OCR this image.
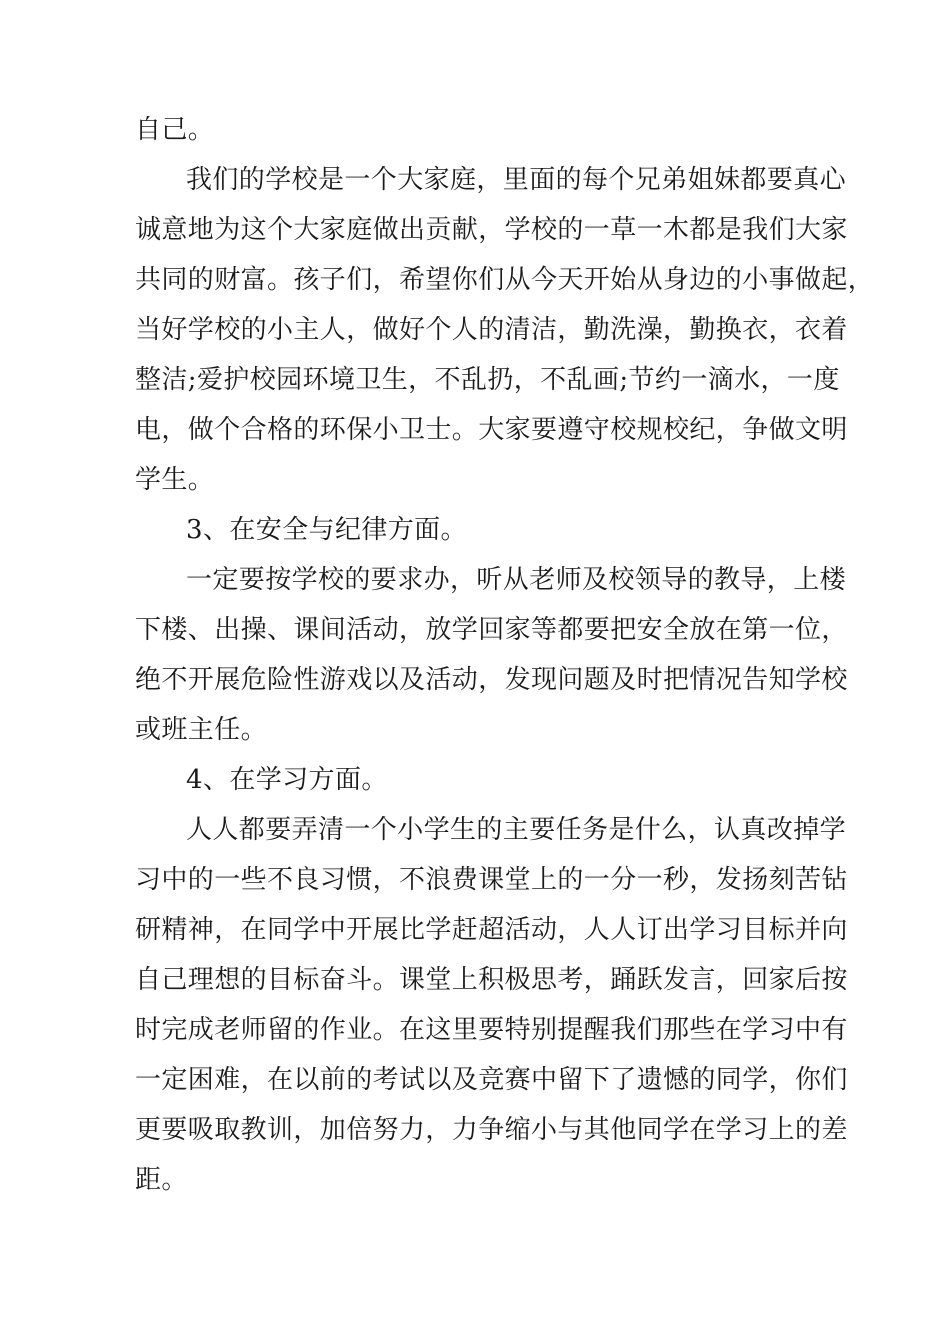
自己。

我们的学校是一个大家庭，里面的每个兄弟姐妹都要真心

诚意地为这个大家庭做出贡献，学校的一草一木都是我们大家

共同的财富。孩子们，希望你们从今天开始从身边的小事做起，

当好学校的小主人，做好个人的清洁，勤洗澡，勤换衣，衣着

整洁;爱护校园环境卫生，不乱扔，不乱画;节约一滴水，一度

电，做个合格的环保小卫士。大家要遵守校规校纪，争做文明

学生。

3、在安全与纪律方面。

一定要按学校的要求办，听从老师及校领导的教导，上楼

下楼、出操、课间活动，放学回家等都要把安全放在第一位，

绝不开展危险性游戏以及活动，发现问题及时把情况告知学校

或班主任。

4、在学习方面。

人人都要弄清一个小学生的主要任务是什么，认真改掉学

习中的一些不良习惯，不浪费课堂上的一分一秒，发扬刻苦钻

研精神，在同学中开展比学赶超活动，人人订出学习目标并向

自己理想的目标奋斗。课堂上积极思考，踊跃发言，回家后按

时完成老师留的作业。在这里要特别提醒我们那些在学习中有

一定困难，在以前的考试以及竞赛中留下了遗憾的同学，你们

更要吸取教训，加倍努力，力争缩小与其他同学在学习上的差

距。
